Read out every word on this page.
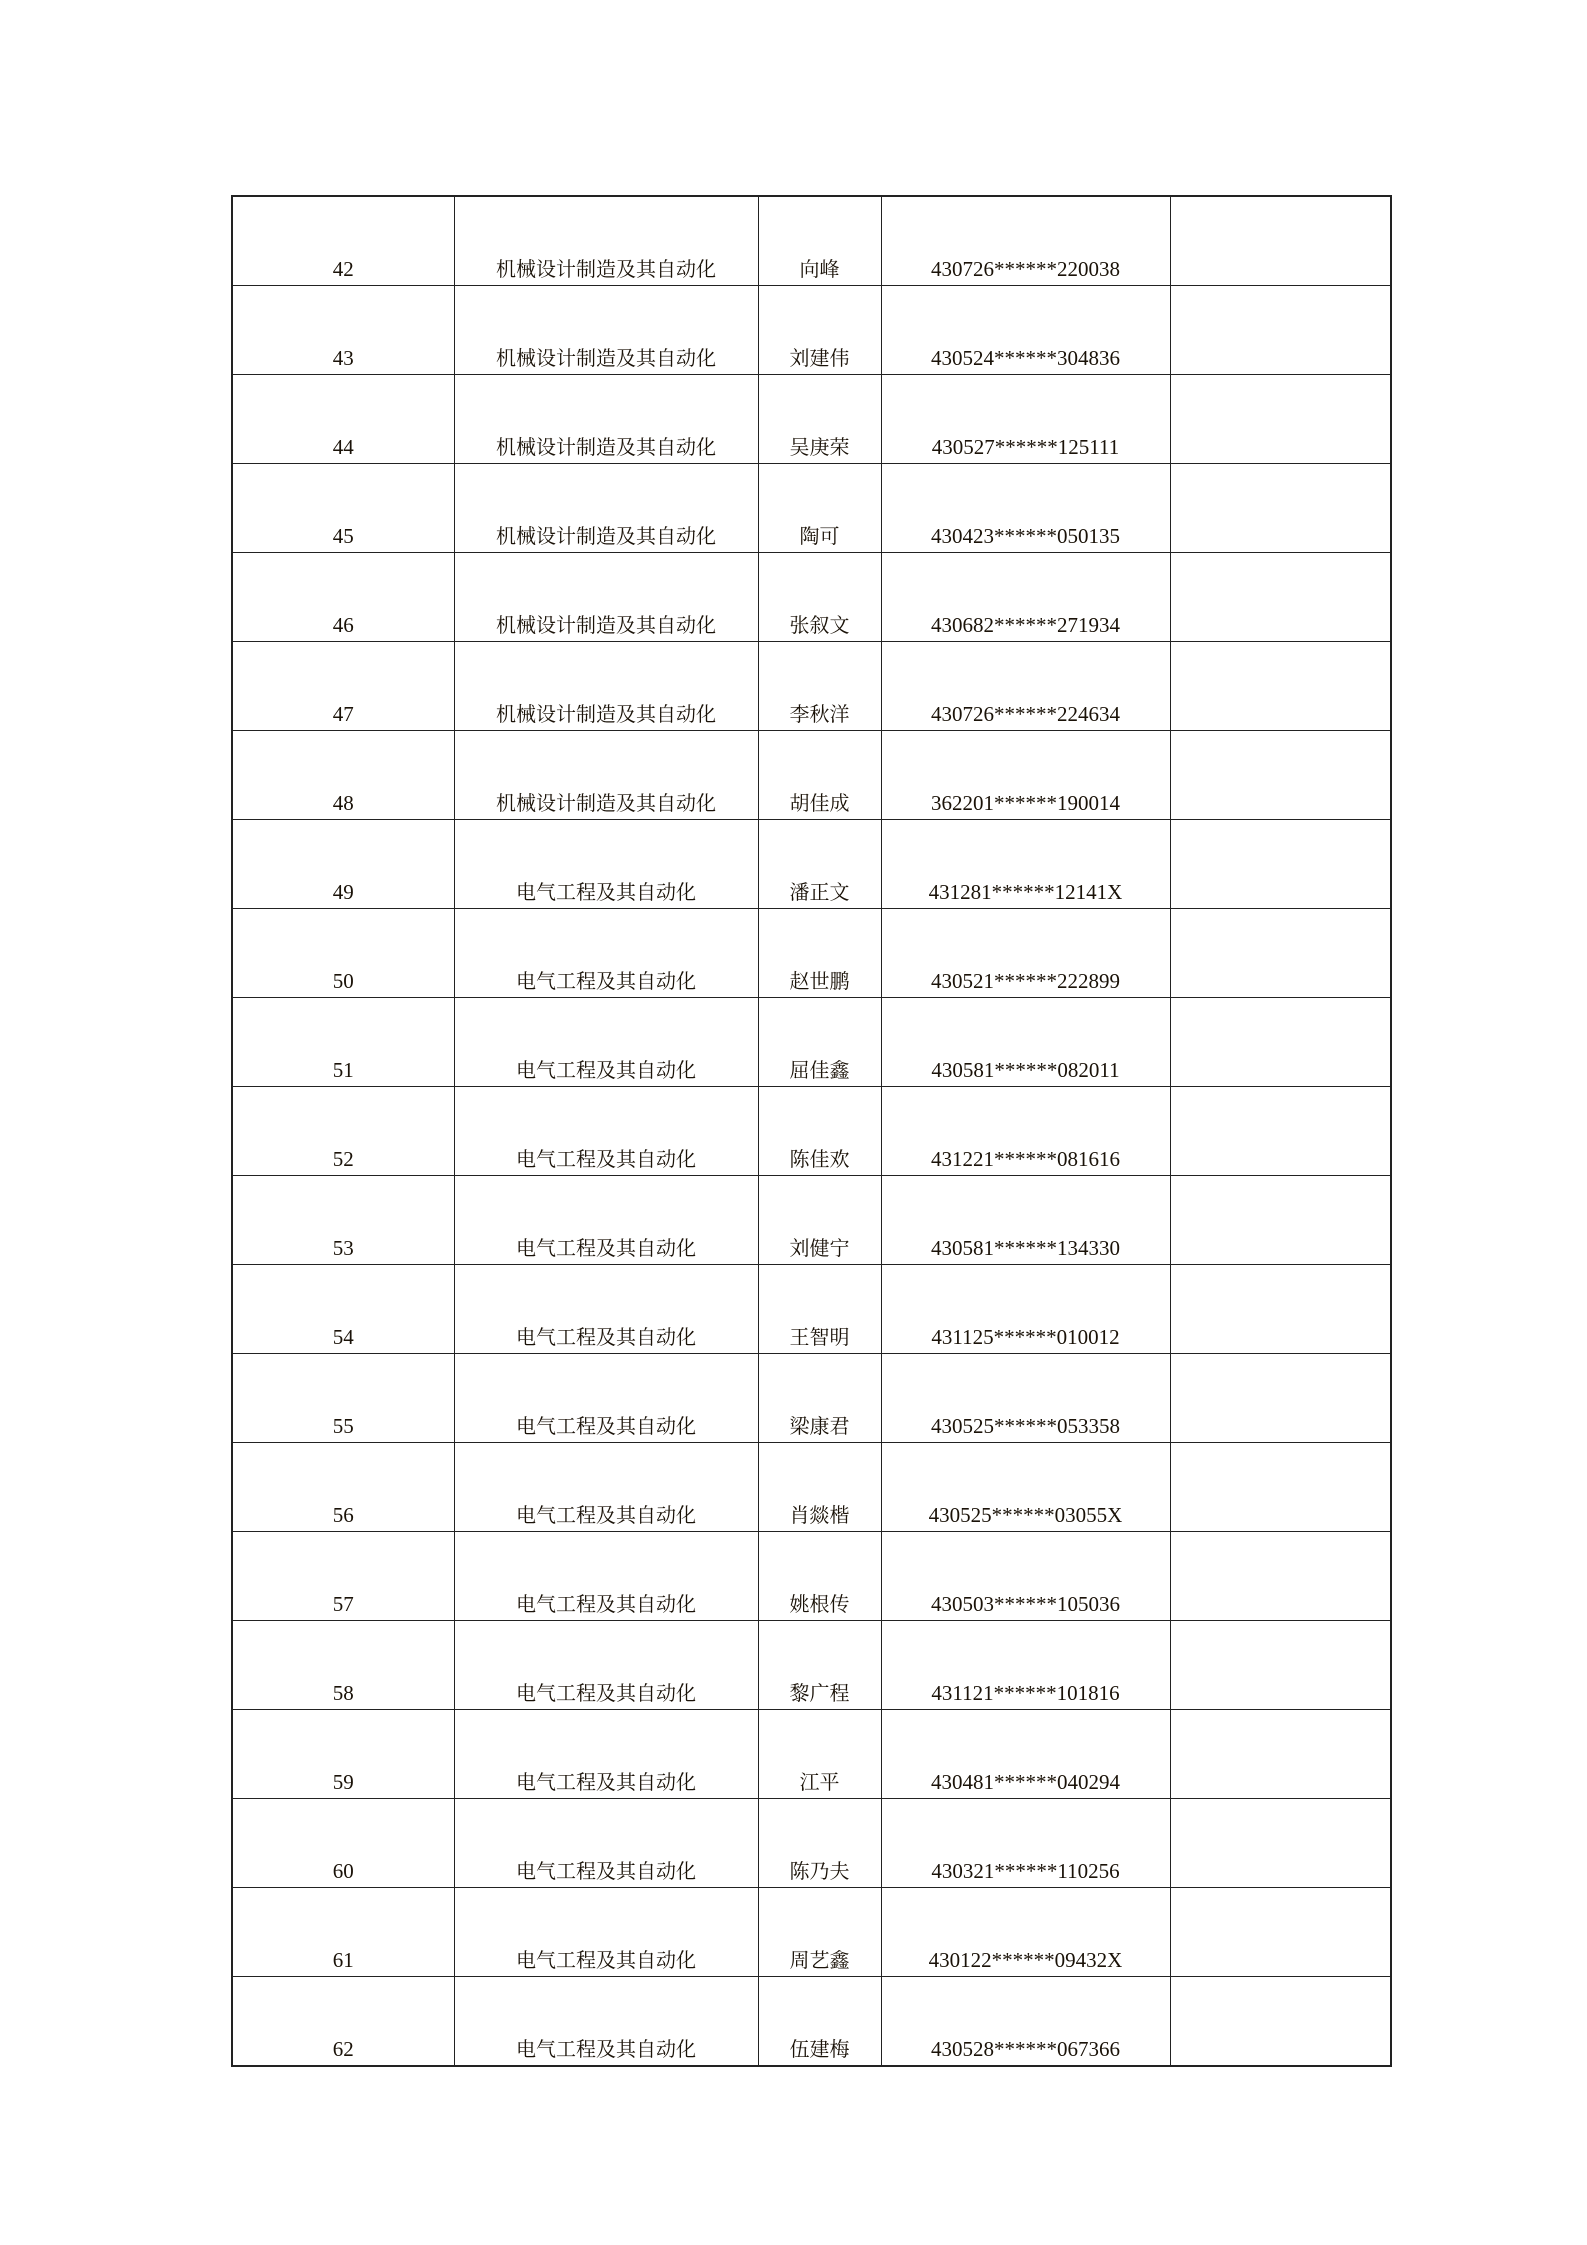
42	机械设计制造及其自动化	向峰	430726******220038	
43	机械设计制造及其自动化	刘建伟	430524******304836	
44	机械设计制造及其自动化	吴庚荣	430527******125111	
45	机械设计制造及其自动化	陶可	430423******050135	
46	机械设计制造及其自动化	张叙文	430682******271934	
47	机械设计制造及其自动化	李秋洋	430726******224634	
48	机械设计制造及其自动化	胡佳成	362201******190014	
49	电气工程及其自动化	潘正文	431281******12141X	
50	电气工程及其自动化	赵世鹏	430521******222899	
51	电气工程及其自动化	屈佳鑫	430581******082011	
52	电气工程及其自动化	陈佳欢	431221******081616	
53	电气工程及其自动化	刘健宁	430581******134330	
54	电气工程及其自动化	王智明	431125******010012	
55	电气工程及其自动化	梁康君	430525******053358	
56	电气工程及其自动化	肖燚楷	430525******03055X	
57	电气工程及其自动化	姚根传	430503******105036	
58	电气工程及其自动化	黎广程	431121******101816	
59	电气工程及其自动化	江平	430481******040294	
60	电气工程及其自动化	陈乃夫	430321******110256	
61	电气工程及其自动化	周艺鑫	430122******09432X	
62	电气工程及其自动化	伍建梅	430528******067366	
